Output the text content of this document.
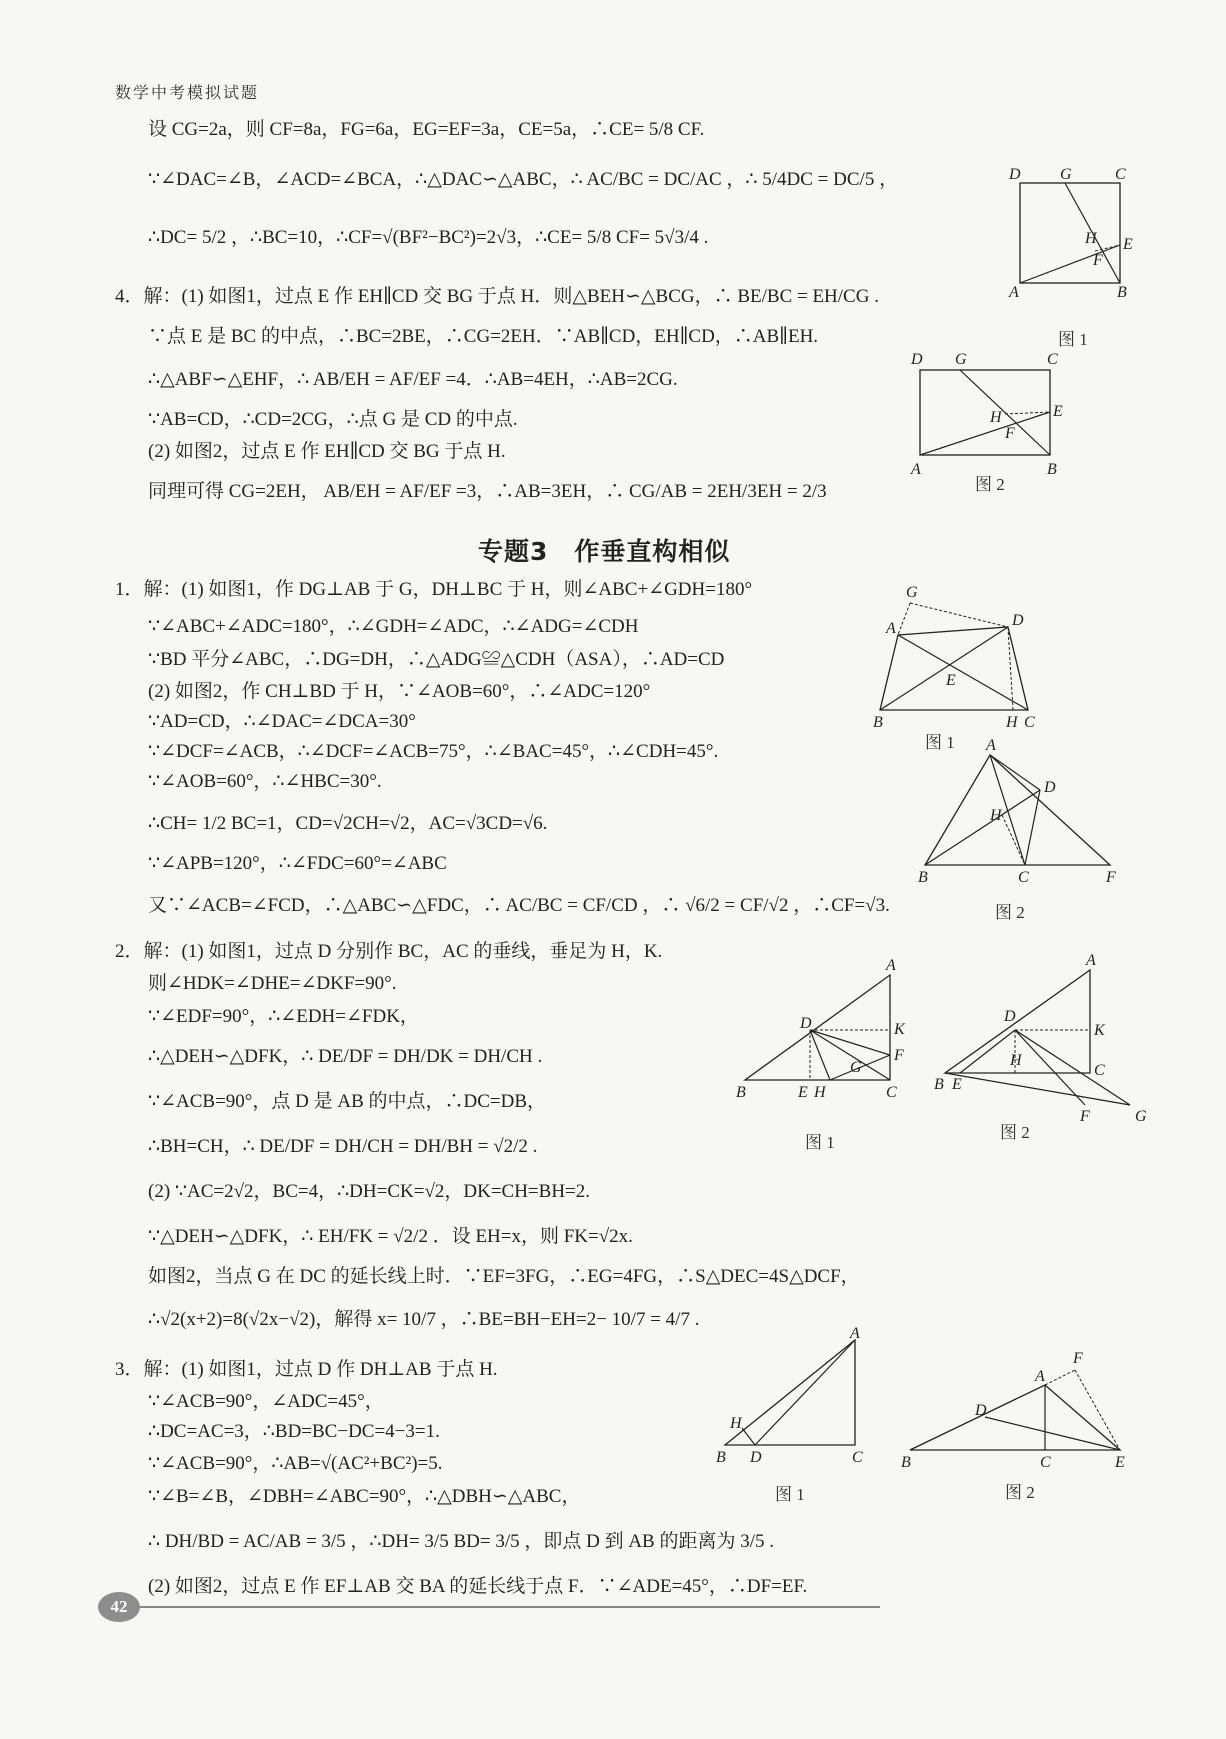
数学中考模拟试题
设 CG=2a，则 CF=8a，FG=6a，EG=EF=3a，CE=5a，∴CE= 5/8 CF.
∵∠DAC=∠B，∠ACD=∠BCA，∴△DAC∽△ABC，∴ AC/BC = DC/AC ，∴ 5/4DC = DC/5 ，
∴DC= 5/2 ，∴BC=10，∴CF=√(BF²−BC²)=2√3，∴CE= 5/8 CF= 5√3/4 .
4．解：(1) 如图1，过点 E 作 EH∥CD 交 BG 于点 H．则△BEH∽△BCG，∴ BE/BC = EH/CG .
∵点 E 是 BC 的中点，∴BC=2BE，∴CG=2EH．∵AB∥CD，EH∥CD，∴AB∥EH.
∴△ABF∽△EHF，∴ AB/EH = AF/EF =4．∴AB=4EH，∴AB=2CG.
∵AB=CD，∴CD=2CG，∴点 G 是 CD 的中点.
(2) 如图2，过点 E 作 EH∥CD 交 BG 于点 H.
同理可得 CG=2EH， AB/EH = AF/EF =3，∴AB=3EH，∴ CG/AB = 2EH/3EH = 2/3
1．解：(1) 如图1，作 DG⊥AB 于 G，DH⊥BC 于 H，则∠ABC+∠GDH=180°
∵∠ABC+∠ADC=180°，∴∠GDH=∠ADC，∴∠ADG=∠CDH
∵BD 平分∠ABC，∴DG=DH，∴△ADG≌△CDH（ASA），∴AD=CD
(2) 如图2，作 CH⊥BD 于 H，∵∠AOB=60°，∴∠ADC=120°
∵AD=CD，∴∠DAC=∠DCA=30°
∵∠DCF=∠ACB，∴∠DCF=∠ACB=75°，∴∠BAC=45°，∴∠CDH=45°.
∵∠AOB=60°，∴∠HBC=30°.
∴CH= 1/2 BC=1，CD=√2CH=√2，AC=√3CD=√6.
∵∠APB=120°，∴∠FDC=60°=∠ABC
又∵∠ACB=∠FCD，∴△ABC∽△FDC，∴ AC/BC = CF/CD ，∴ √6/2 = CF/√2 ，∴CF=√3.
2．解：(1) 如图1，过点 D 分别作 BC，AC 的垂线，垂足为 H，K.
则∠HDK=∠DHE=∠DKF=90°.
∵∠EDF=90°，∴∠EDH=∠FDK，
∴△DEH∽△DFK，∴ DE/DF = DH/DK = DH/CH .
∵∠ACB=90°，点 D 是 AB 的中点，∴DC=DB，
∴BH=CH，∴ DE/DF = DH/CH = DH/BH = √2/2 .
(2) ∵AC=2√2，BC=4，∴DH=CK=√2，DK=CH=BH=2.
∵△DEH∽△DFK，∴ EH/FK = √2/2 ．设 EH=x，则 FK=√2x.
如图2，当点 G 在 DC 的延长线上时．∵EF=3FG，∴EG=4FG，∴S△DEC=4S△DCF，
∴√2(x+2)=8(√2x−√2)，解得 x= 10/7 ，∴BE=BH−EH=2− 10/7 = 4/7 .
3．解：(1) 如图1，过点 D 作 DH⊥AB 于点 H.
∵∠ACB=90°，∠ADC=45°，
∴DC=AC=3，∴BD=BC−DC=4−3=1.
∵∠ACB=90°，∴AB=√(AC²+BC²)=5.
∵∠B=∠B，∠DBH=∠ABC=90°，∴△DBH∽△ABC，
∴ DH/BD = AC/AB = 3/5 ，∴DH= 3/5 BD= 3/5 ，即点 D 到 AB 的距离为 3/5 .
(2) 如图2，过点 E 作 EF⊥AB 交 BA 的延长线于点 F．∵∠ADE=45°，∴DF=EF.
专题3　作垂直构相似
D G	C
H E
F
A	B
图 1
D G	C
H	E
F
A	B
图 2
G
A	D
E
B	H C
图 1 A
D
H
B	C	F
图 2
A
D	K
F
G
B	E H	C
图 1
A
D
K
C
H
B E
F	G
图 2
A
H
B D	C
图 1
F
A
D
B	C	E
图 2
42
